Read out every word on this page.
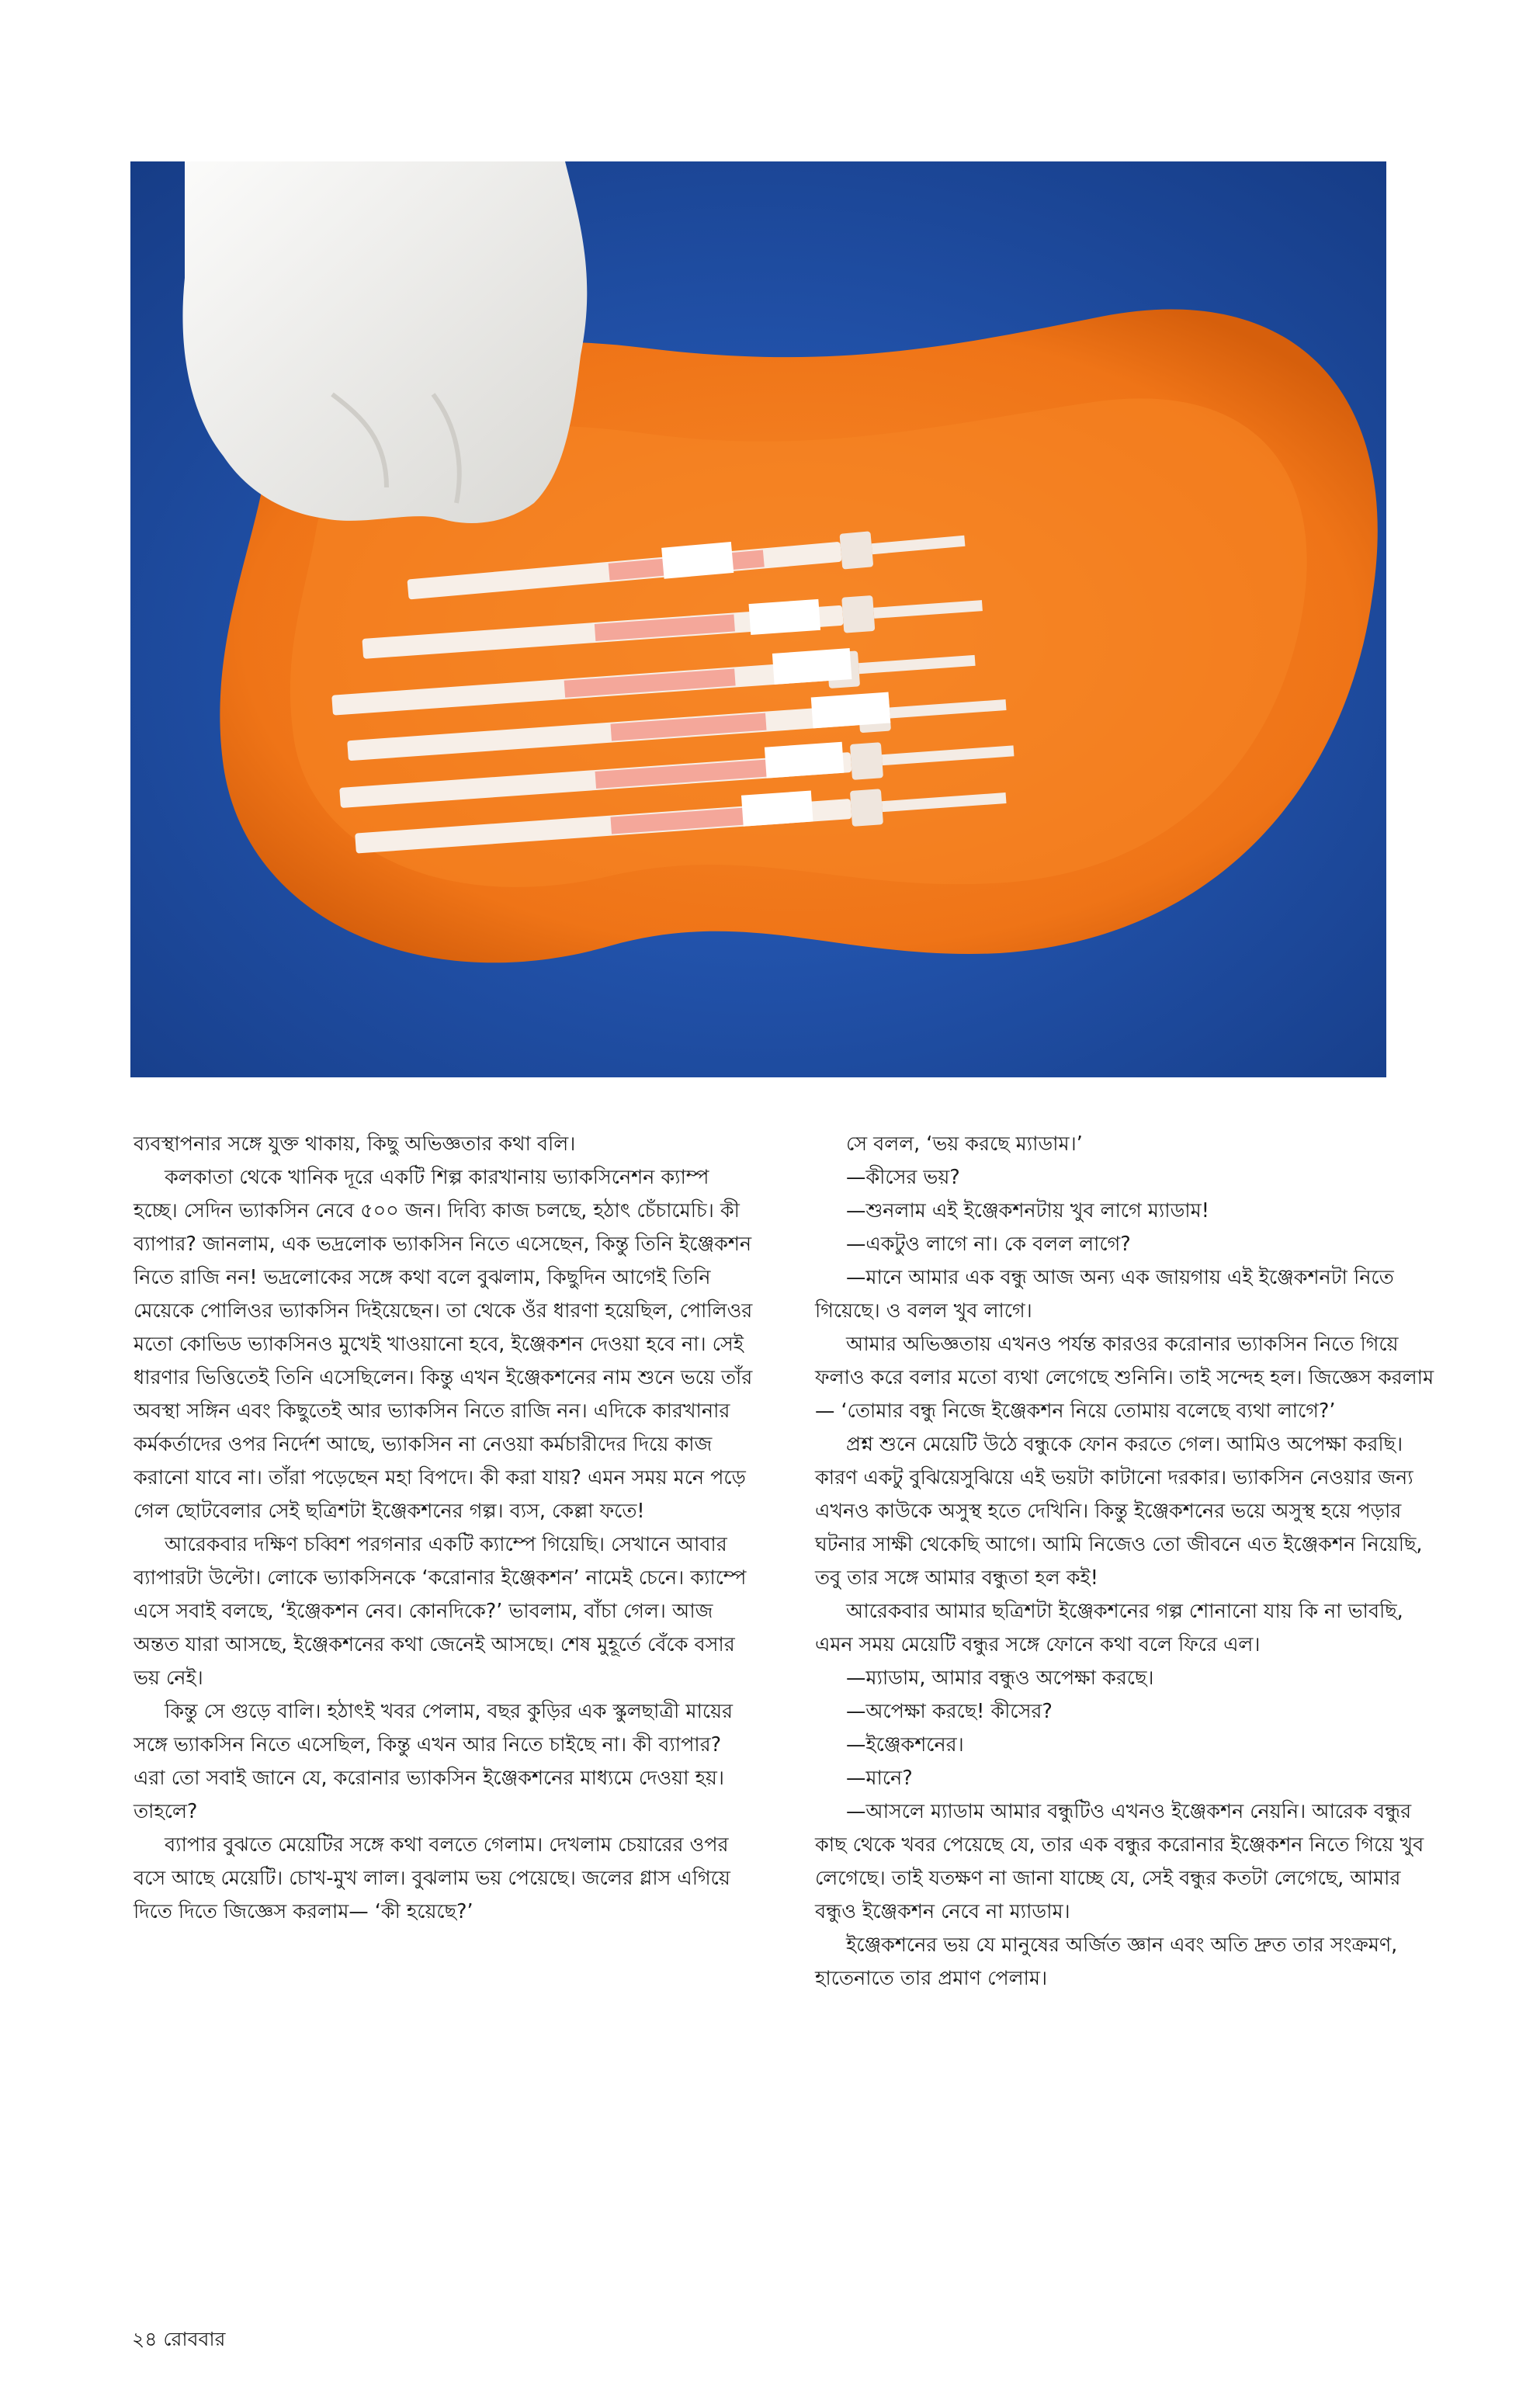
ব্যবস্থাপনার সঙ্গে যুক্ত থাকায়, কিছু অভিজ্ঞতার কথা বলি।

কলকাতা থেকে খানিক দূরে একটি শিল্প কারখানায় ভ্যাকসিনেশন ক্যাম্প হচ্ছে। সেদিন ভ্যাকসিন নেবে ৫০০ জন। দিব্যি কাজ চলছে, হঠাৎ চেঁচামেচি। কী ব্যাপার? জানলাম, এক ভদ্রলোক ভ্যাকসিন নিতে এসেছেন, কিন্তু তিনি ইঞ্জেকশন নিতে রাজি নন! ভদ্রলোকের সঙ্গে কথা বলে বুঝলাম, কিছুদিন আগেই তিনি মেয়েকে পোলিওর ভ্যাকসিন দিইয়েছেন। তা থেকে ওঁর ধারণা হয়েছিল, পোলিওর মতো কোভিড ভ্যাকসিনও মুখেই খাওয়ানো হবে, ইঞ্জেকশন দেওয়া হবে না। সেই ধারণার ভিত্তিতেই তিনি এসেছিলেন। কিন্তু এখন ইঞ্জেকশনের নাম শুনে ভয়ে তাঁর অবস্থা সঙ্গিন এবং কিছুতেই আর ভ্যাকসিন নিতে রাজি নন। এদিকে কারখানার কর্মকর্তাদের ওপর নির্দেশ আছে, ভ্যাকসিন না নেওয়া কর্মচারীদের দিয়ে কাজ করানো যাবে না। তাঁরা পড়েছেন মহা বিপদে। কী করা যায়? এমন সময় মনে পড়ে গেল ছোটবেলার সেই ছত্রিশটা ইঞ্জেকশনের গল্প। ব্যস, কেল্লা ফতে!

আরেকবার দক্ষিণ চব্বিশ পরগনার একটি ক্যাম্পে গিয়েছি। সেখানে আবার ব্যাপারটা উল্টো। লোকে ভ্যাকসিনকে ‘করোনার ইঞ্জেকশন’ নামেই চেনে। ক্যাম্পে এসে সবাই বলছে, ‘ইঞ্জেকশন নেব। কোনদিকে?’ ভাবলাম, বাঁচা গেল। আজ অন্তত যারা আসছে, ইঞ্জেকশনের কথা জেনেই আসছে। শেষ মুহূর্তে বেঁকে বসার ভয় নেই।

কিন্তু সে গুড়ে বালি। হঠাৎই খবর পেলাম, বছর কুড়ির এক স্কুলছাত্রী মায়ের সঙ্গে ভ্যাকসিন নিতে এসেছিল, কিন্তু এখন আর নিতে চাইছে না। কী ব্যাপার? এরা তো সবাই জানে যে, করোনার ভ্যাকসিন ইঞ্জেকশনের মাধ্যমে দেওয়া হয়। তাহলে?

ব্যাপার বুঝতে মেয়েটির সঙ্গে কথা বলতে গেলাম। দেখলাম চেয়ারের ওপর বসে আছে মেয়েটি। চোখ-মুখ লাল। বুঝলাম ভয় পেয়েছে। জলের গ্লাস এগিয়ে দিতে দিতে জিজ্ঞেস করলাম— ‘কী হয়েছে?’

সে বলল, ‘ভয় করছে ম্যাডাম।’

—কীসের ভয়?

—শুনলাম এই ইঞ্জেকশনটায় খুব লাগে ম্যাডাম!

—একটুও লাগে না। কে বলল লাগে?

—মানে আমার এক বন্ধু আজ অন্য এক জায়গায় এই ইঞ্জেকশনটা নিতে গিয়েছে। ও বলল খুব লাগে।

আমার অভিজ্ঞতায় এখনও পর্যন্ত কারওর করোনার ভ্যাকসিন নিতে গিয়ে ফলাও করে বলার মতো ব্যথা লেগেছে শুনিনি। তাই সন্দেহ হল। জিজ্ঞেস করলাম— ‘তোমার বন্ধু নিজে ইঞ্জেকশন নিয়ে তোমায় বলেছে ব্যথা লাগে?’

প্রশ্ন শুনে মেয়েটি উঠে বন্ধুকে ফোন করতে গেল। আমিও অপেক্ষা করছি। কারণ একটু বুঝিয়েসুঝিয়ে এই ভয়টা কাটানো দরকার। ভ্যাকসিন নেওয়ার জন্য এখনও কাউকে অসুস্থ হতে দেখিনি। কিন্তু ইঞ্জেকশনের ভয়ে অসুস্থ হয়ে পড়ার ঘটনার সাক্ষী থেকেছি আগে। আমি নিজেও তো জীবনে এত ইঞ্জেকশন নিয়েছি, তবু তার সঙ্গে আমার বন্ধুতা হল কই!

আরেকবার আমার ছত্রিশটা ইঞ্জেকশনের গল্প শোনানো যায় কি না ভাবছি, এমন সময় মেয়েটি বন্ধুর সঙ্গে ফোনে কথা বলে ফিরে এল।

—ম্যাডাম, আমার বন্ধুও অপেক্ষা করছে।

—অপেক্ষা করছে! কীসের?

—ইঞ্জেকশনের।

—মানে?

—আসলে ম্যাডাম আমার বন্ধুটিও এখনও ইঞ্জেকশন নেয়নি। আরেক বন্ধুর কাছ থেকে খবর পেয়েছে যে, তার এক বন্ধুর করোনার ইঞ্জেকশন নিতে গিয়ে খুব লেগেছে। তাই যতক্ষণ না জানা যাচ্ছে যে, সেই বন্ধুর কতটা লেগেছে, আমার বন্ধুও ইঞ্জেকশন নেবে না ম্যাডাম।

ইঞ্জেকশনের ভয় যে মানুষের অর্জিত জ্ঞান এবং অতি দ্রুত তার সংক্রমণ, হাতেনাতে তার প্রমাণ পেলাম।

২৪ রোববার
